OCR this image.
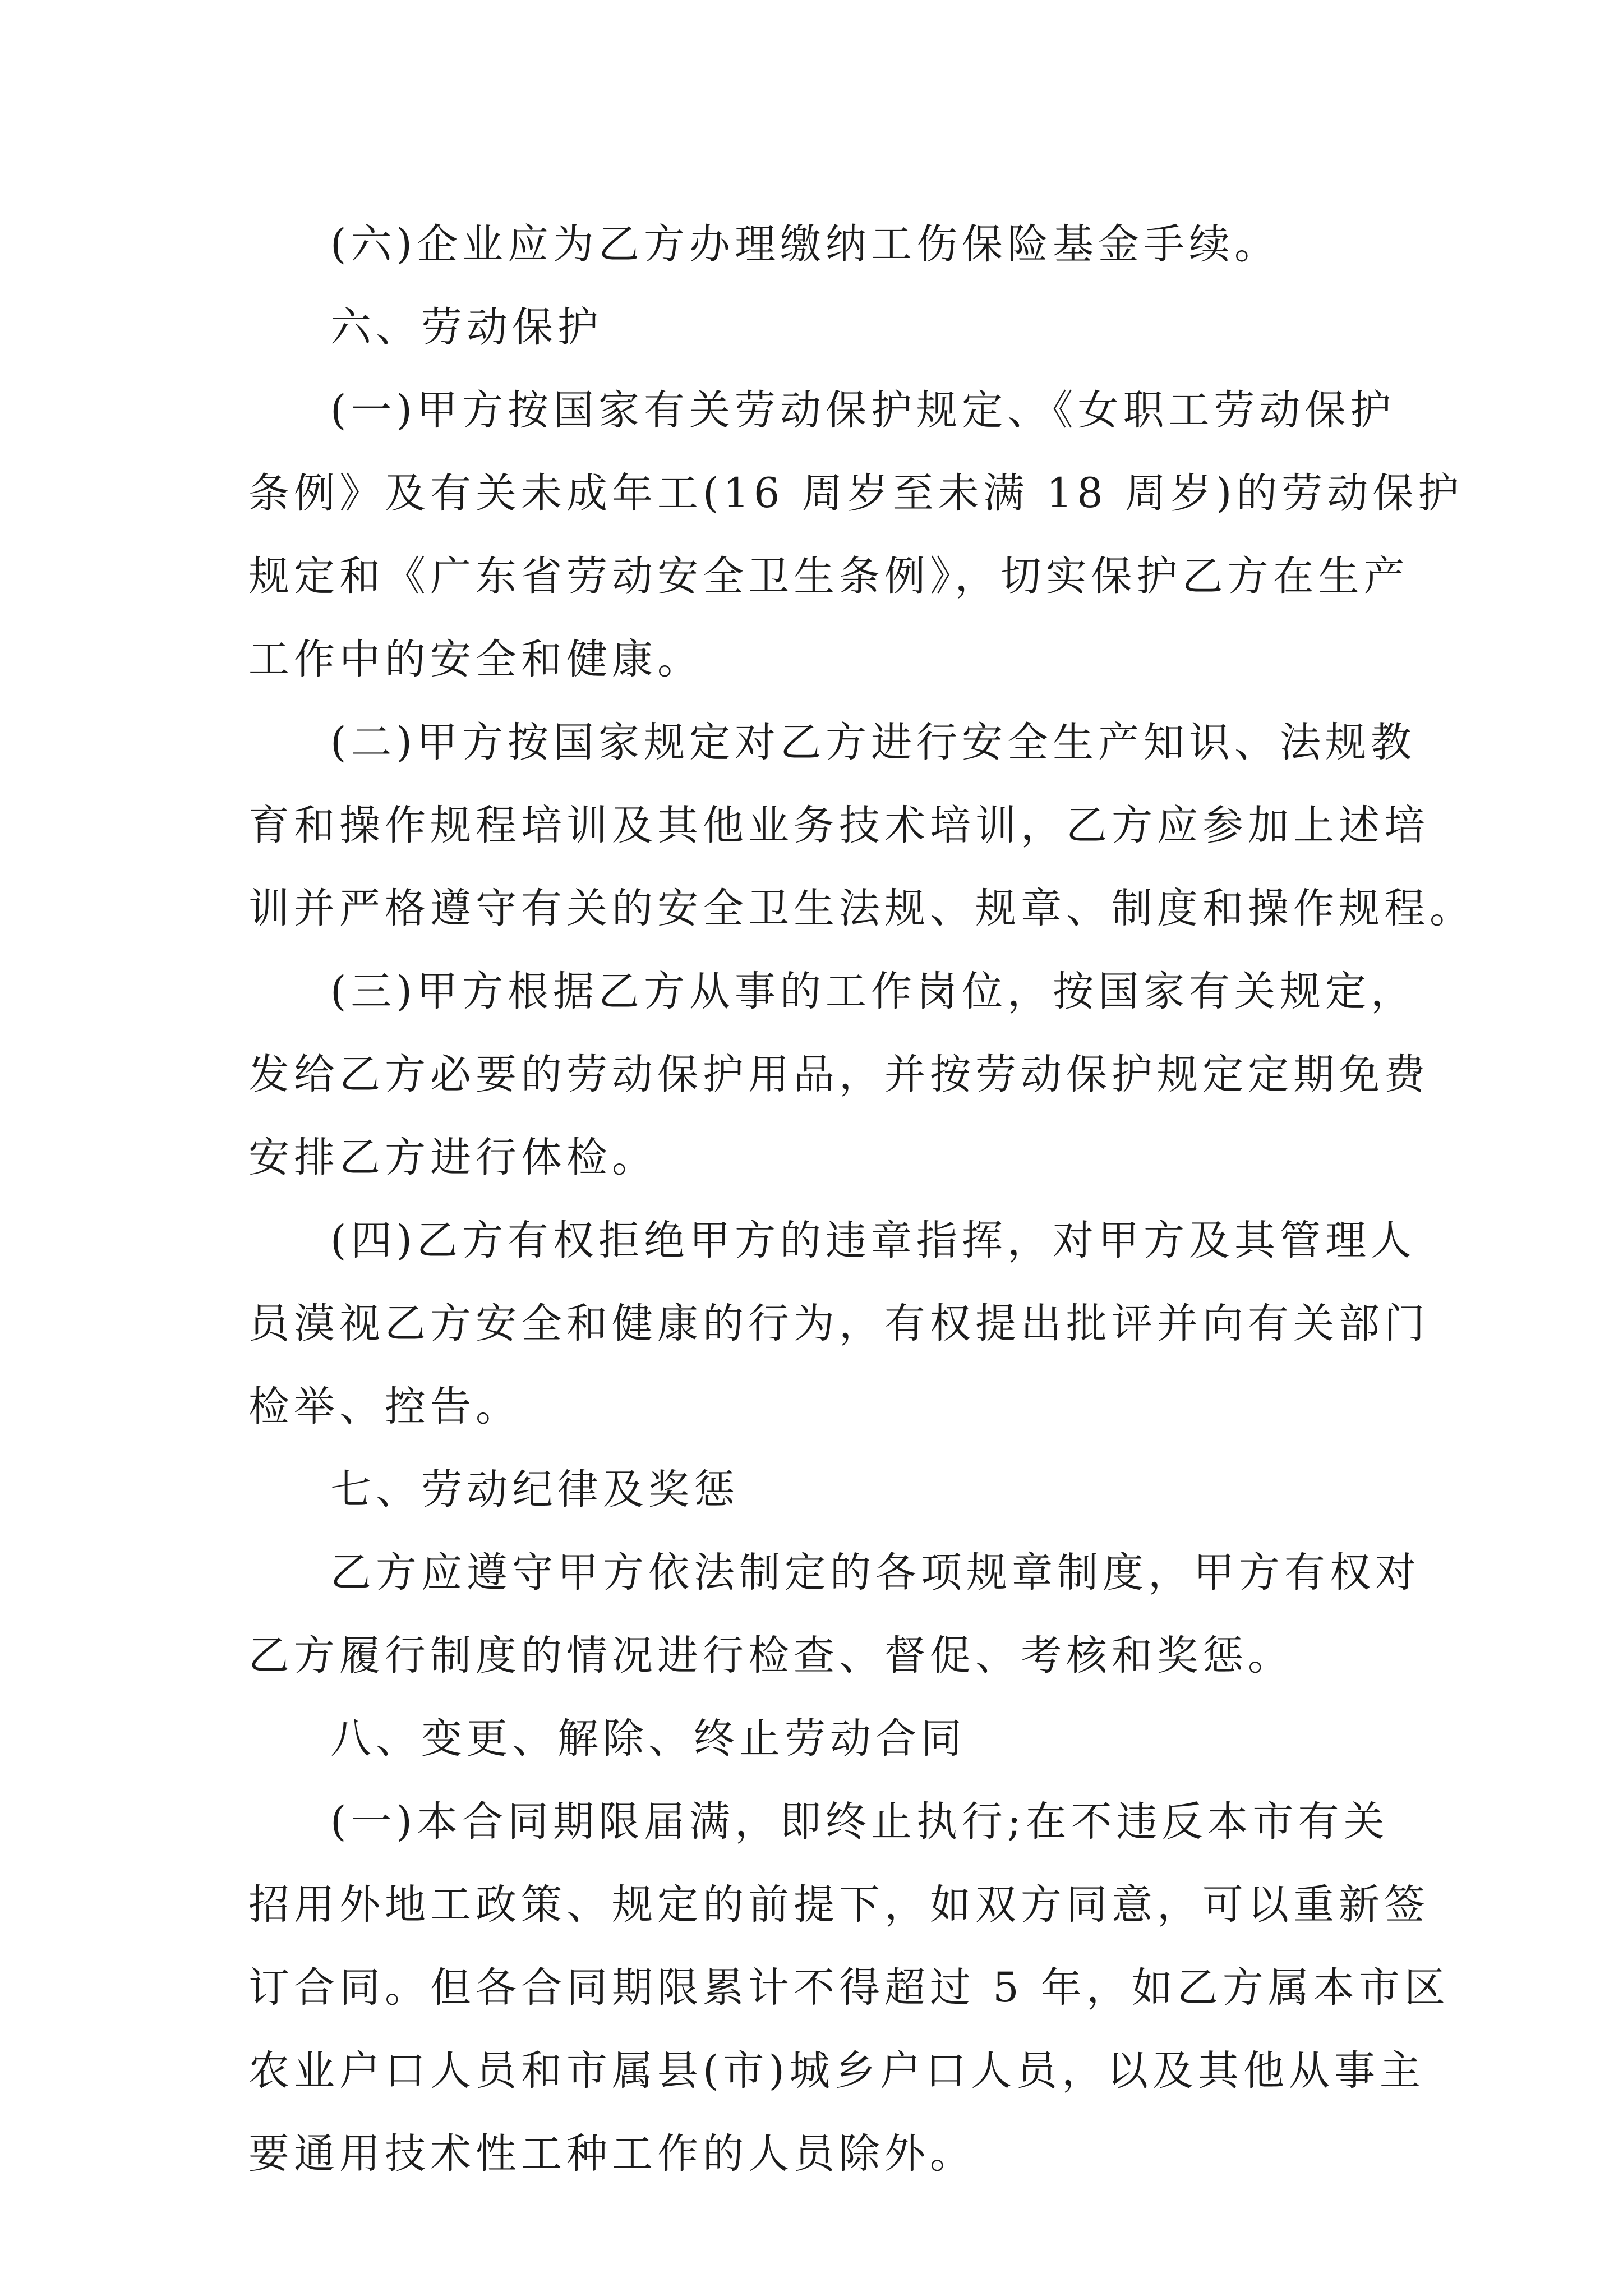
(六)企业应为乙方办理缴纳工伤保险基金手续。

六、劳动保护

(一)甲方按国家有关劳动保护规定、《女职工劳动保护
条例》及有关未成年工(16 周岁至未满 18 周岁)的劳动保护
规定和《广东省劳动安全卫生条例》，切实保护乙方在生产
工作中的安全和健康。

(二)甲方按国家规定对乙方进行安全生产知识、法规教
育和操作规程培训及其他业务技术培训，乙方应参加上述培
训并严格遵守有关的安全卫生法规、规章、制度和操作规程。

(三)甲方根据乙方从事的工作岗位，按国家有关规定，
发给乙方必要的劳动保护用品，并按劳动保护规定定期免费
安排乙方进行体检。

(四)乙方有权拒绝甲方的违章指挥，对甲方及其管理人
员漠视乙方安全和健康的行为，有权提出批评并向有关部门
检举、控告。

七、劳动纪律及奖惩

乙方应遵守甲方依法制定的各项规章制度，甲方有权对
乙方履行制度的情况进行检查、督促、考核和奖惩。

八、变更、解除、终止劳动合同

(一)本合同期限届满，即终止执行;在不违反本市有关
招用外地工政策、规定的前提下，如双方同意，可以重新签
订合同。但各合同期限累计不得超过 5 年，如乙方属本市区
农业户口人员和市属县(市)城乡户口人员，以及其他从事主
要通用技术性工种工作的人员除外。
